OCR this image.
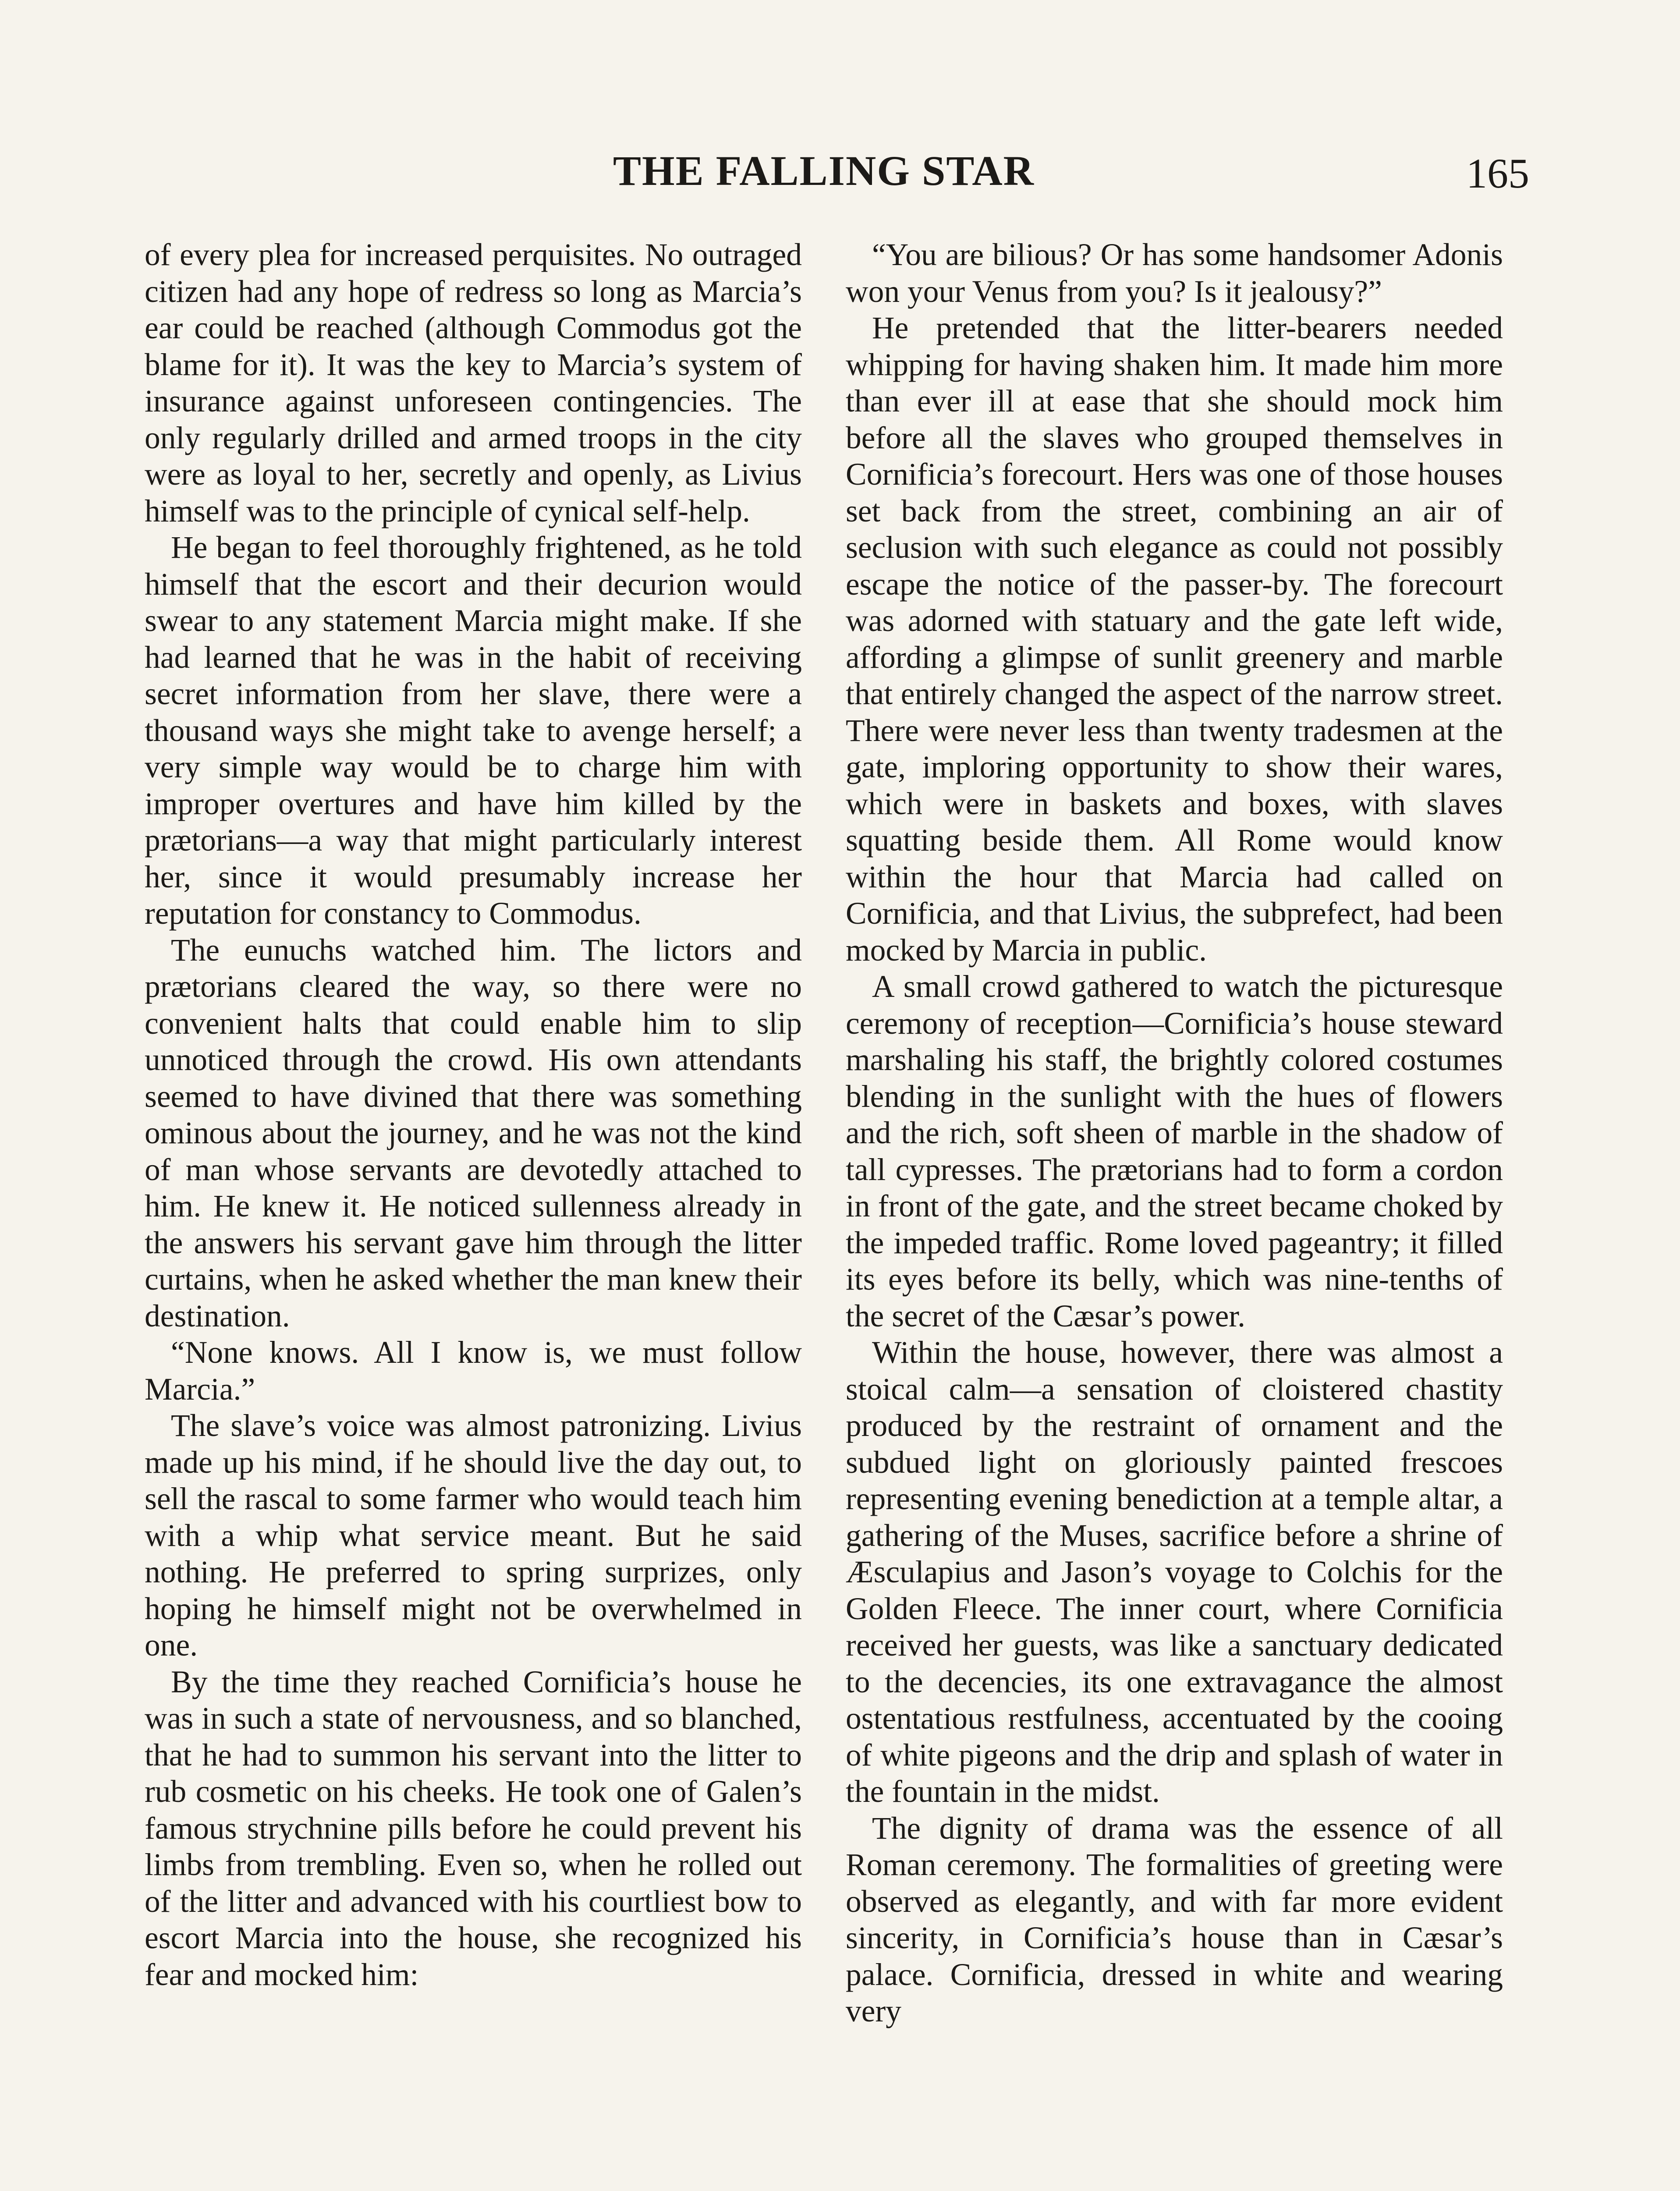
THE FALLING STAR	165

of every plea for increased perquisites. No outraged citizen had any hope of redress so long as Marcia’s ear could be reached (although Commodus got the blame for it). It was the key to Marcia’s system of insurance against unforeseen contingencies. The only regularly drilled and armed troops in the city were as loyal to her, secretly and openly, as Livius himself was to the principle of cynical self-help.

He began to feel thoroughly frightened, as he told himself that the escort and their decurion would swear to any statement Marcia might make. If she had learned that he was in the habit of receiving secret information from her slave, there were a thousand ways she might take to avenge herself; a very simple way would be to charge him with improper overtures and have him killed by the prætorians—a way that might particularly interest her, since it would presumably increase her reputation for constancy to Commodus.

The eunuchs watched him. The lictors and prætorians cleared the way, so there were no convenient halts that could enable him to slip unnoticed through the crowd. His own attendants seemed to have divined that there was something ominous about the journey, and he was not the kind of man whose servants are devotedly attached to him. He knew it. He noticed sullenness already in the answers his servant gave him through the litter curtains, when he asked whether the man knew their destination.

“None knows. All I know is, we must follow Marcia.”

The slave’s voice was almost patronizing. Livius made up his mind, if he should live the day out, to sell the rascal to some farmer who would teach him with a whip what service meant. But he said nothing. He preferred to spring surprizes, only hoping he himself might not be overwhelmed in one.

By the time they reached Cornificia’s house he was in such a state of nervousness, and so blanched, that he had to summon his servant into the litter to rub cosmetic on his cheeks. He took one of Galen’s famous strychnine pills before he could prevent his limbs from trembling. Even so, when he rolled out of the litter and advanced with his courtliest bow to escort Marcia into the house, she recognized his fear and mocked him:

“You are bilious? Or has some handsomer Adonis won your Venus from you? Is it jealousy?”

He pretended that the litter-bearers needed whipping for having shaken him. It made him more than ever ill at ease that she should mock him before all the slaves who grouped themselves in Cornificia’s forecourt. Hers was one of those houses set back from the street, combining an air of seclusion with such elegance as could not possibly escape the notice of the passer-by. The forecourt was adorned with statuary and the gate left wide, affording a glimpse of sunlit greenery and marble that entirely changed the aspect of the narrow street. There were never less than twenty tradesmen at the gate, imploring opportunity to show their wares, which were in baskets and boxes, with slaves squatting beside them. All Rome would know within the hour that Marcia had called on Cornificia, and that Livius, the subprefect, had been mocked by Marcia in public.

A small crowd gathered to watch the picturesque ceremony of reception—Cornificia’s house steward marshaling his staff, the brightly colored costumes blending in the sunlight with the hues of flowers and the rich, soft sheen of marble in the shadow of tall cypresses. The prætorians had to form a cordon in front of the gate, and the street became choked by the impeded traffic. Rome loved pageantry; it filled its eyes before its belly, which was nine-tenths of the secret of the Cæsar’s power.

Within the house, however, there was almost a stoical calm—a sensation of cloistered chastity produced by the restraint of ornament and the subdued light on gloriously painted frescoes representing evening benediction at a temple altar, a gathering of the Muses, sacrifice before a shrine of Æsculapius and Jason’s voyage to Colchis for the Golden Fleece. The inner court, where Cornificia received her guests, was like a sanctuary dedicated to the decencies, its one extravagance the almost ostentatious restfulness, accentuated by the cooing of white pigeons and the drip and splash of water in the fountain in the midst.

The dignity of drama was the essence of all Roman ceremony. The formalities of greeting were observed as elegantly, and with far more evident sincerity, in Cornificia’s house than in Cæsar’s palace. Cornificia, dressed in white and wearing very
